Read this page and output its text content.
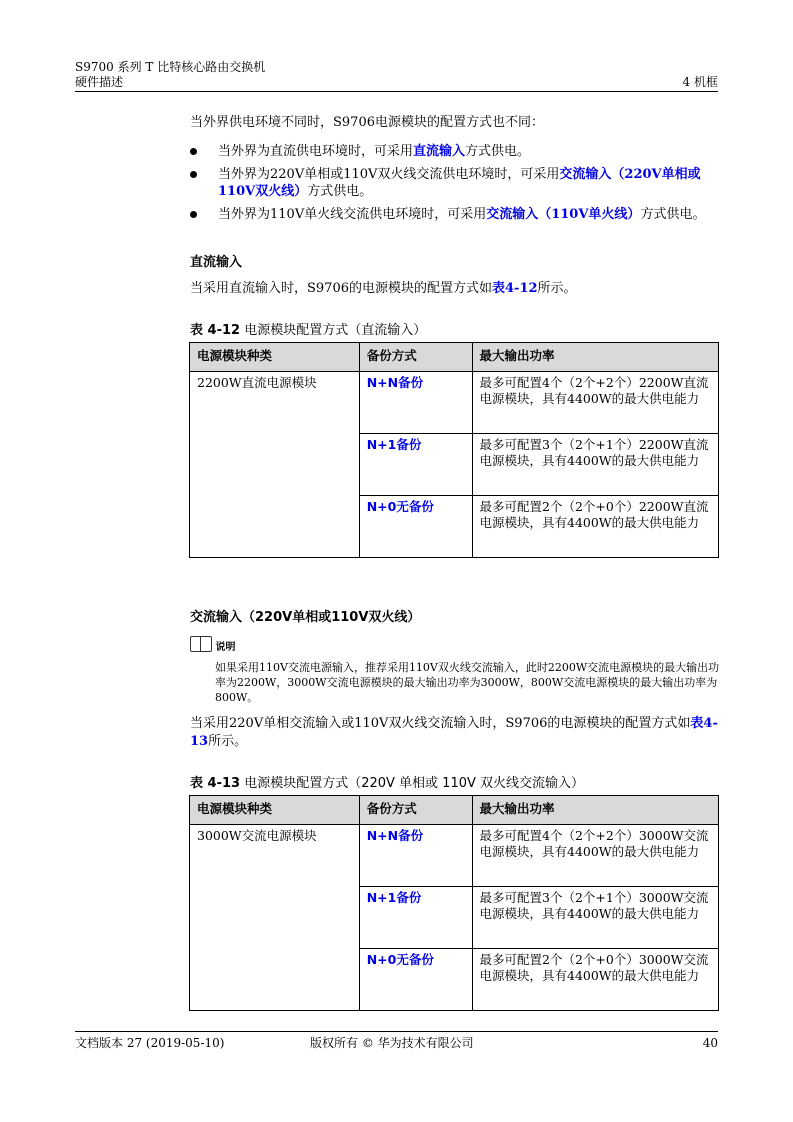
S9700 系列 T 比特核心路由交换机
硬件描述	4 机框
当外界供电环境不同时，S9706电源模块的配置方式也不同：
当外界为直流供电环境时，可采用直流输入方式供电。
当外界为220V单相或110V双火线交流供电环境时，可采用交流输入（220V单相或110V双火线）方式供电。
当外界为110V单火线交流供电环境时，可采用交流输入（110V单火线）方式供电。
直流输入
当采用直流输入时，S9706的电源模块的配置方式如表4-12所示。
表 4-12 电源模块配置方式（直流输入）
电源模块种类	备份方式	最大输出功率
2200W直流电源模块	N+N备份	最多可配置4个（2个+2个）2200W直流电源模块，具有4400W的最大供电能力
	N+1备份	最多可配置3个（2个+1个）2200W直流电源模块，具有4400W的最大供电能力
	N+0无备份	最多可配置2个（2个+0个）2200W直流电源模块，具有4400W的最大供电能力
交流输入（220V单相或110V双火线）
说明
如果采用110V交流电源输入，推荐采用110V双火线交流输入，此时2200W交流电源模块的最大输出功率为2200W，3000W交流电源模块的最大输出功率为3000W，800W交流电源模块的最大输出功率为800W。
当采用220V单相交流输入或110V双火线交流输入时，S9706的电源模块的配置方式如表4-13所示。
表 4-13 电源模块配置方式（220V 单相或 110V 双火线交流输入）
电源模块种类	备份方式	最大输出功率
3000W交流电源模块	N+N备份	最多可配置4个（2个+2个）3000W交流电源模块，具有4400W的最大供电能力
	N+1备份	最多可配置3个（2个+1个）3000W交流电源模块，具有4400W的最大供电能力
	N+0无备份	最多可配置2个（2个+0个）3000W交流电源模块，具有4400W的最大供电能力
文档版本 27 (2019-05-10)	版权所有 © 华为技术有限公司	40
